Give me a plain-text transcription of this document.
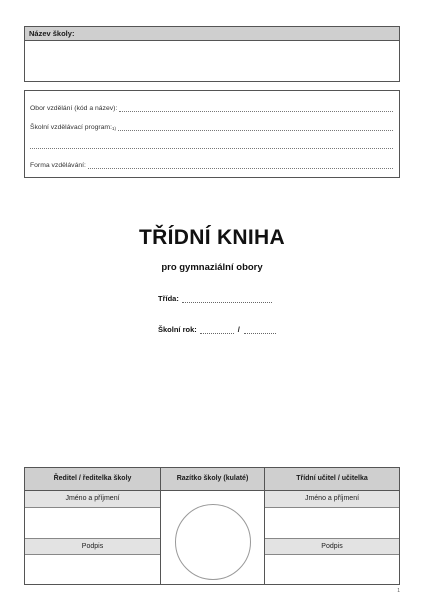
Název školy:
Obor vzdělání (kód a název):
Školní vzdělávací program: 1)
Forma vzdělávání:
TŘÍDNÍ KNIHA
pro gymnaziální obory
Třída:
Školní rok:	/
Ředitel / ředitelka školy
Jméno a příjmení
Podpis
Razítko školy (kulaté)	Třídní učitel / učitelka
Jméno a příjmení
Podpis
1
